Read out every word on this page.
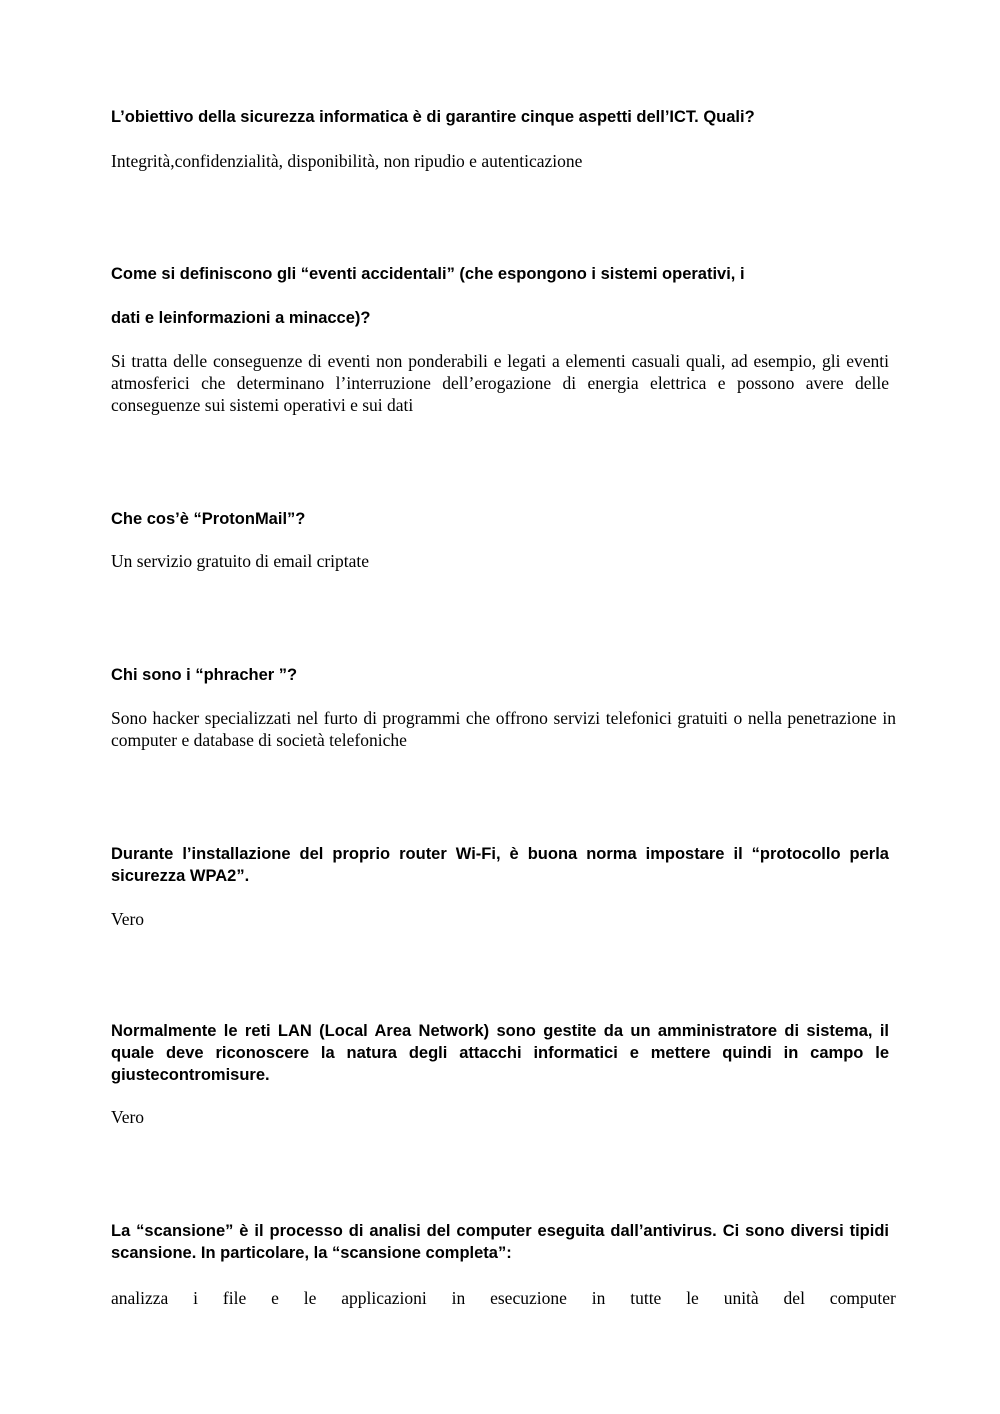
L’obiettivo della sicurezza informatica è di garantire cinque aspetti dell’ICT. Quali?

Integrità,confidenzialità, disponibilità, non ripudio e autenticazione

Come si definiscono gli “eventi accidentali” (che espongono i sistemi operativi, i

dati e leinformazioni a minacce)?

Si tratta delle conseguenze di eventi non ponderabili e legati a elementi casuali quali, ad esempio, gli eventi atmosferici che determinano l’interruzione dell’erogazione di energia elettrica e possono avere delle conseguenze sui sistemi operativi e sui dati

Che cos’è “ProtonMail”?

Un servizio gratuito di email criptate

Chi sono i “phracher ”?

Sono hacker specializzati nel furto di programmi che offrono servizi telefonici gratuiti o nella penetrazione in computer e database di società telefoniche

Durante l’installazione del proprio router Wi-Fi, è buona norma impostare il “protocollo perla sicurezza WPA2”.

Vero

Normalmente le reti LAN (Local Area Network) sono gestite da un amministratore di sistema, il quale deve riconoscere la natura degli attacchi informatici e mettere quindi in campo le giustecontromisure.

Vero

La “scansione” è il processo di analisi del computer eseguita dall’antivirus. Ci sono diversi tipidi scansione. In particolare, la “scansione completa”:

analizza i file e le applicazioni in esecuzione in tutte le unità del computer
